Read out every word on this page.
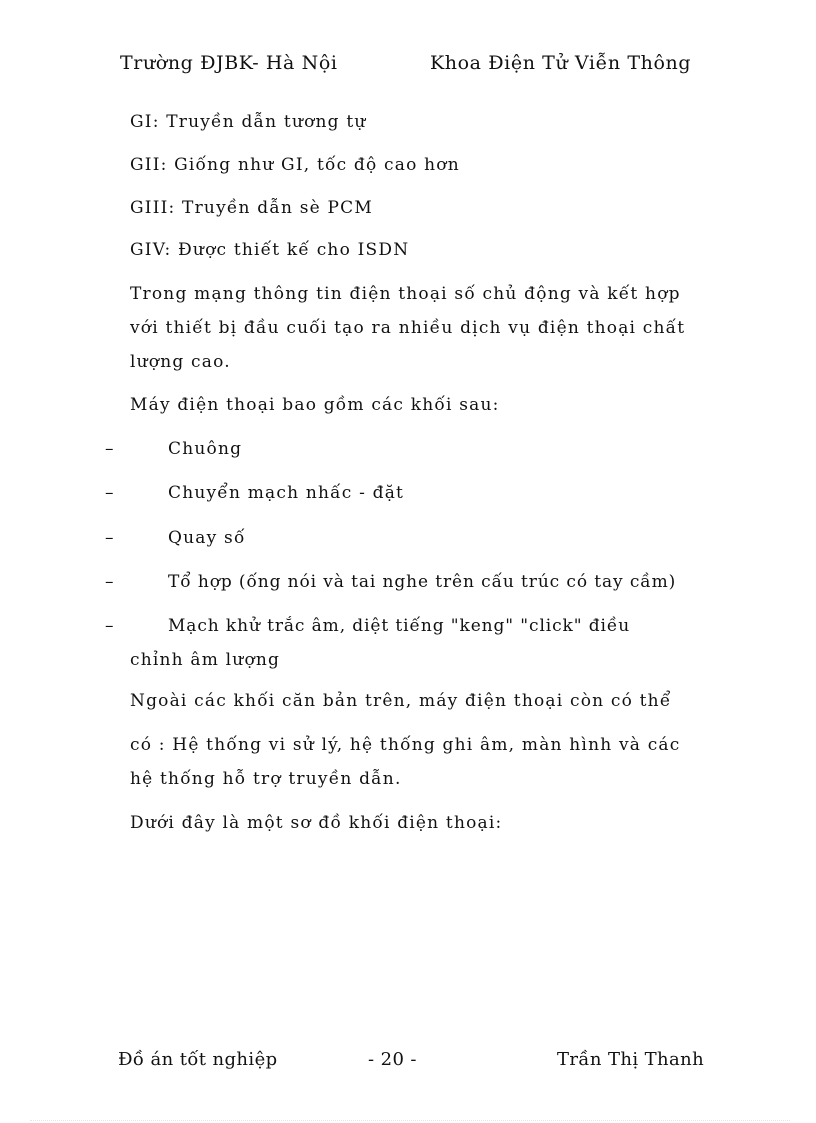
Trường ĐJBK- Hà Nội	Khoa Điện Tử Viễn Thông
GI: Truyền dẫn tương tự
GII: Giống như GI, tốc độ cao hơn
GIII: Truyền dẫn sè PCM
GIV: Được thiết kế cho ISDN
Trong mạng thông tin điện thoại số chủ động và kết hợp
với thiết bị đầu cuối tạo ra nhiều dịch vụ điện thoại chất
lượng cao.
Máy điện thoại bao gồm các khối sau:
–	Chuông
–	Chuyển mạch nhấc - đặt
–	Quay số
–	Tổ hợp (ống nói và tai nghe trên cấu trúc có tay cầm)
–	Mạch khử trắc âm, diệt tiếng "keng" "click" điều
chỉnh âm lượng
Ngoài các khối căn bản trên, máy điện thoại còn có thể
có : Hệ thống vi sử lý, hệ thống ghi âm, màn hình và các
hệ thống hỗ trợ truyền dẫn.
Dưới đây là một sơ đồ khối điện thoại:
Đồ án tốt nghiệp	- 20 -	Trần Thị Thanh
